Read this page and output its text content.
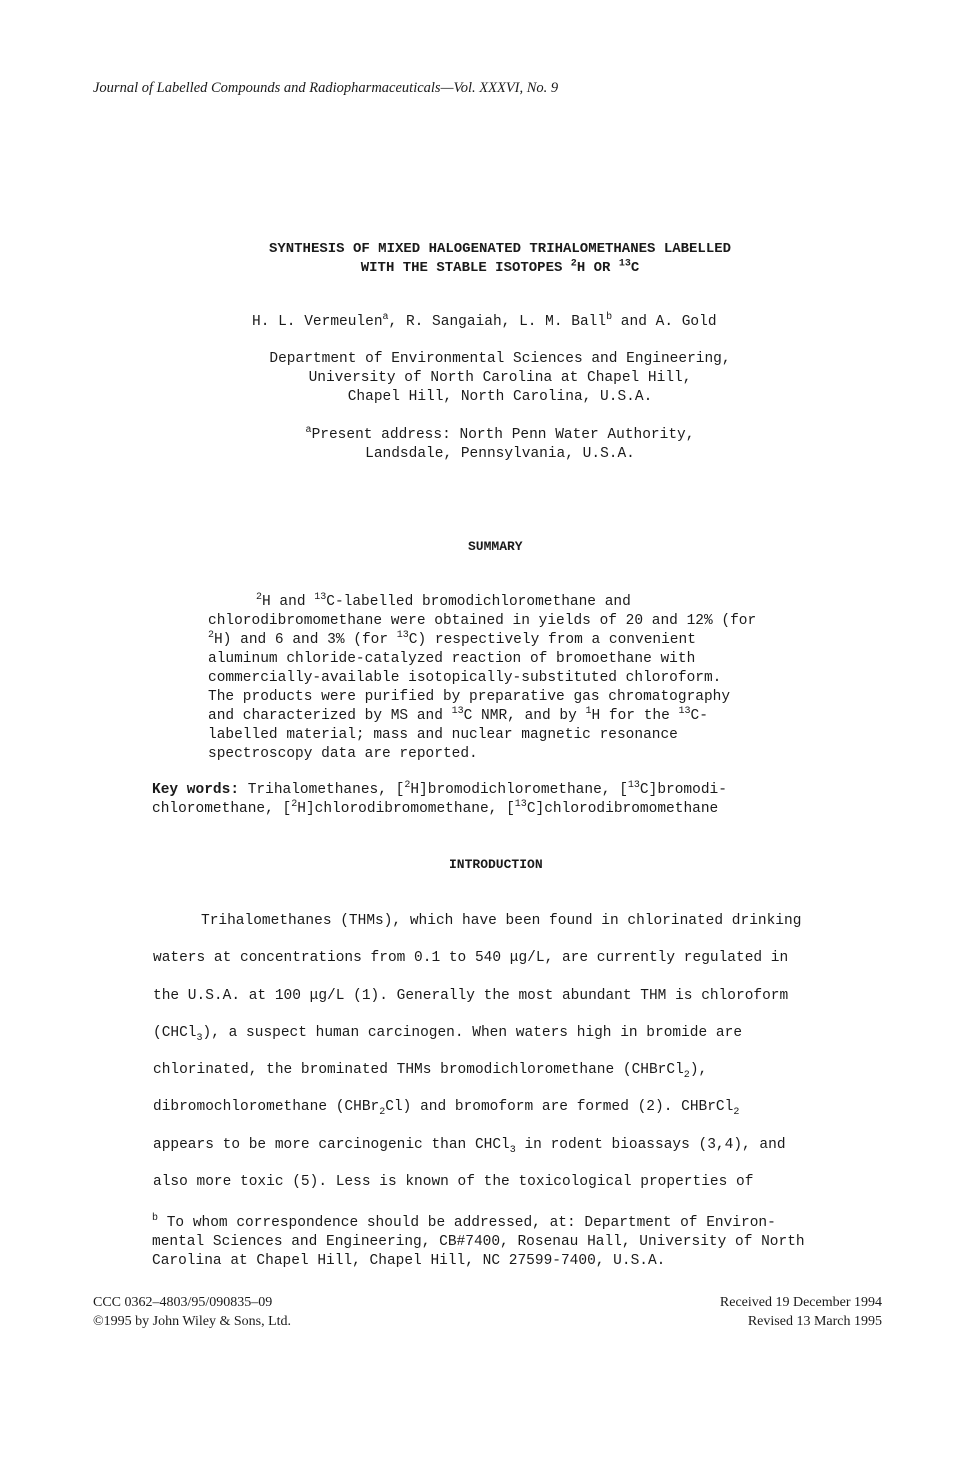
Journal of Labelled Compounds and Radiopharmaceuticals—Vol. XXXVI, No. 9
SYNTHESIS OF MIXED HALOGENATED TRIHALOMETHANES LABELLED
WITH THE STABLE ISOTOPES $^2$H OR $^{13}$C
H. L. Vermeulen$^a$, R. Sangaiah, L. M. Ball$^b$ and A. Gold
Department of Environmental Sciences and Engineering,
University of North Carolina at Chapel Hill,
Chapel Hill, North Carolina, U.S.A.
$^a$Present address: North Penn Water Authority,
Landsdale, Pennsylvania, U.S.A.
SUMMARY
$^2$H and $^{13}$C-labelled bromodichloromethane and
chlorodibromomethane were obtained in yields of 20 and 12% (for
$^2$H) and 6 and 3% (for $^{13}$C) respectively from a convenient
aluminum chloride-catalyzed reaction of bromoethane with
commercially-available isotopically-substituted chloroform.
The products were purified by preparative gas chromatography
and characterized by MS and $^{13}$C NMR, and by $^1$H for the $^{13}$C-
labelled material; mass and nuclear magnetic resonance
spectroscopy data are reported.
Key words: Trihalomethanes, [$^2$H]bromodichloromethane, [$^{13}$C]bromodi-
chloromethane, [$^2$H]chlorodibromomethane, [$^{13}$C]chlorodibromomethane
INTRODUCTION
Trihalomethanes (THMs), which have been found in chlorinated drinking
waters at concentrations from 0.1 to 540 μg/L, are currently regulated in
the U.S.A. at 100 μg/L (1). Generally the most abundant THM is chloroform
(CHCl$_3$), a suspect human carcinogen. When waters high in bromide are
chlorinated, the brominated THMs bromodichloromethane (CHBrCl$_2$),
dibromochloromethane (CHBr$_2$Cl) and bromoform are formed (2). CHBrCl$_2$
appears to be more carcinogenic than CHCl$_3$ in rodent bioassays (3,4), and
also more toxic (5). Less is known of the toxicological properties of
$^b$ To whom correspondence should be addressed, at: Department of Environ-
mental Sciences and Engineering, CB#7400, Rosenau Hall, University of North
Carolina at Chapel Hill, Chapel Hill, NC 27599-7400, U.S.A.
CCC 0362–4803/95/090835–09
©1995 by John Wiley & Sons, Ltd.
Received 19 December 1994
Revised 13 March 1995
